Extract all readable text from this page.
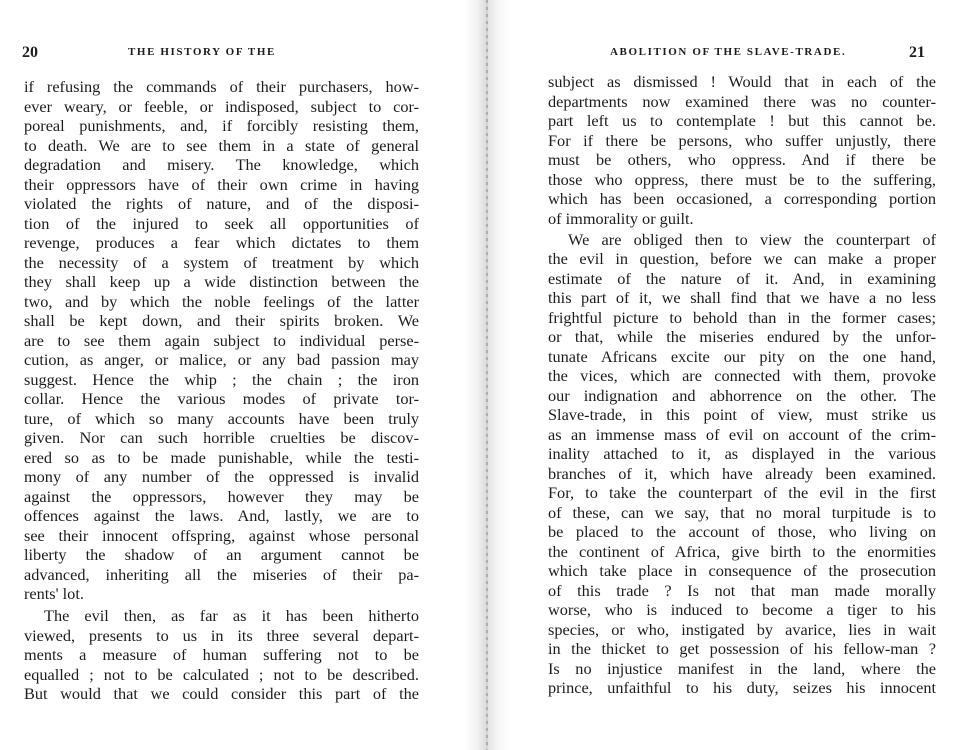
20	THE HISTORY OF THE
if refusing the commands of their purchasers, how-
ever weary, or feeble, or indisposed, subject to cor-
poreal punishments, and, if forcibly resisting them,
to death. We are to see them in a state of general
degradation and misery. The knowledge, which
their oppressors have of their own crime in having
violated the rights of nature, and of the disposi-
tion of the injured to seek all opportunities of
revenge, produces a fear which dictates to them
the necessity of a system of treatment by which
they shall keep up a wide distinction between the
two, and by which the noble feelings of the latter
shall be kept down, and their spirits broken. We
are to see them again subject to individual perse-
cution, as anger, or malice, or any bad passion may
suggest. Hence the whip ; the chain ; the iron
collar. Hence the various modes of private tor-
ture, of which so many accounts have been truly
given. Nor can such horrible cruelties be discov-
ered so as to be made punishable, while the testi-
mony of any number of the oppressed is invalid
against the oppressors, however they may be
offences against the laws. And, lastly, we are to
see their innocent offspring, against whose personal
liberty the shadow of an argument cannot be
advanced, inheriting all the miseries of their pa-
rents' lot.
The evil then, as far as it has been hitherto
viewed, presents to us in its three several depart-
ments a measure of human suffering not to be
equalled ; not to be calculated ; not to be described.
But would that we could consider this part of the
ABOLITION OF THE SLAVE-TRADE.	21
subject as dismissed ! Would that in each of the
departments now examined there was no counter-
part left us to contemplate ! but this cannot be.
For if there be persons, who suffer unjustly, there
must be others, who oppress. And if there be
those who oppress, there must be to the suffering,
which has been occasioned, a corresponding portion
of immorality or guilt.
We are obliged then to view the counterpart of
the evil in question, before we can make a proper
estimate of the nature of it. And, in examining
this part of it, we shall find that we have a no less
frightful picture to behold than in the former cases;
or that, while the miseries endured by the unfor-
tunate Africans excite our pity on the one hand,
the vices, which are connected with them, provoke
our indignation and abhorrence on the other. The
Slave-trade, in this point of view, must strike us
as an immense mass of evil on account of the crim-
inality attached to it, as displayed in the various
branches of it, which have already been examined.
For, to take the counterpart of the evil in the first
of these, can we say, that no moral turpitude is to
be placed to the account of those, who living on
the continent of Africa, give birth to the enormities
which take place in consequence of the prosecution
of this trade ? Is not that man made morally
worse, who is induced to become a tiger to his
species, or who, instigated by avarice, lies in wait
in the thicket to get possession of his fellow-man ?
Is no injustice manifest in the land, where the
prince, unfaithful to his duty, seizes his innocent
